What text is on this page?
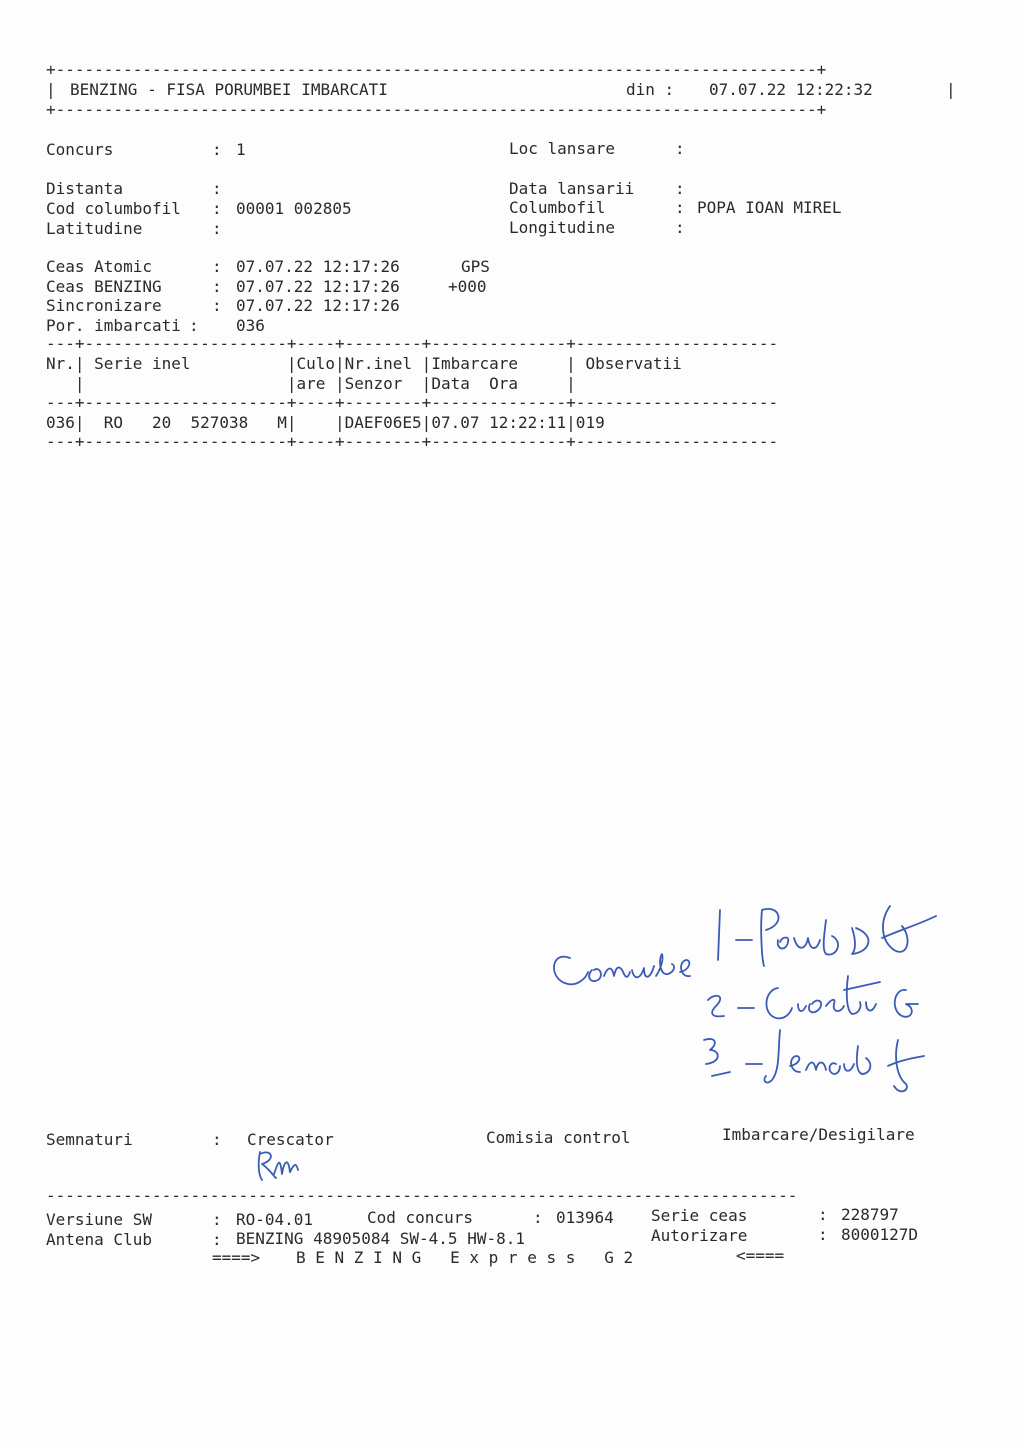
+-------------------------------------------------------------------------------+
| BENZING - FISA PORUMBEI IMBARCATI	din : 07.07.22 12:22:32	|
+-------------------------------------------------------------------------------+
Concurs	: 1	Loc lansare	:
Distanta	:	Data lansarii	:
Cod columbofil : 00001 002805	Columbofil	: POPA IOAN MIREL
Latitudine	:	Longitudine	:
Ceas Atomic	: 07.07.22 12:17:26	GPS
Ceas BENZING	: 07.07.22 12:17:26	+000
Sincronizare	: 07.07.22 12:17:26
Por. imbarcati : 036
---+---------------------+----+--------+--------------+---------------------
Nr.| Serie inel          |Culo|Nr.inel |Imbarcare     | Observatii
|                     |are |Senzor  |Data  Ora     |
---+---------------------+----+--------+--------------+---------------------
036|  RO   20  527038   M|    |DAEF06E5|07.07 12:22:11|019
---+---------------------+----+--------+--------------+---------------------
Semnaturi	: Crescator	Comisia control	Imbarcare/Desigilare
------------------------------------------------------------------------------
Versiune SW	: RO-04.01	Cod concurs	: 013964 Serie ceas	: 228797
Antena Club	: BENZING 48905084 SW-4.5 HW-8.1	Autorizare	: 8000127D
====> B E N Z I N G   E x p r e s s   G 2	<====
